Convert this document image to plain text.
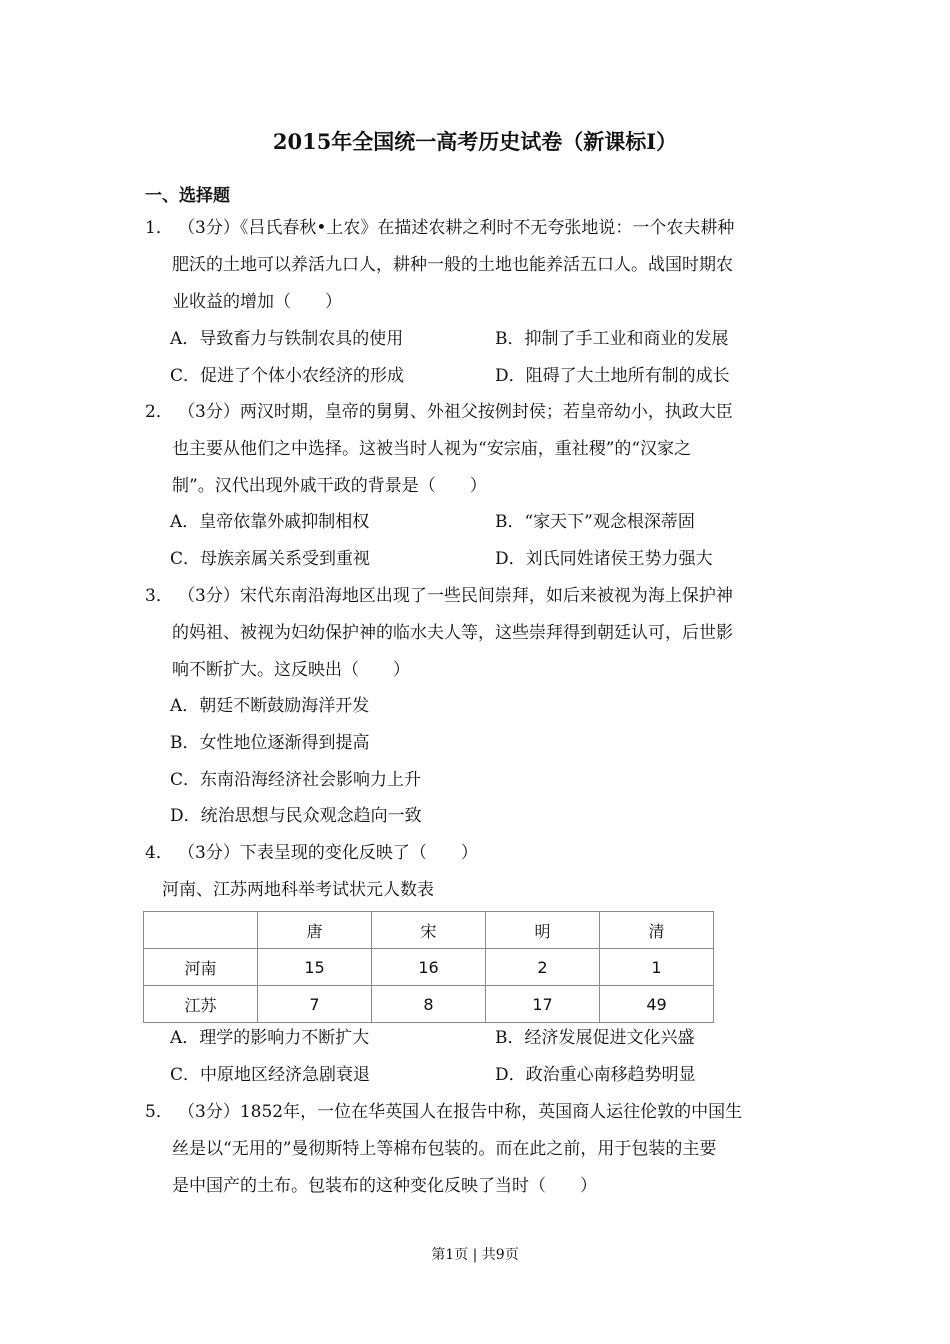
2015年全国统一高考历史试卷（新课标Ⅰ）
一、选择题
1． （3分）《吕氏春秋•上农》在描述农耕之利时不无夸张地说：一个农夫耕种
肥沃的土地可以养活九口人，耕种一般的土地也能养活五口人。战国时期农
业收益的增加（　　）
A．导致畜力与铁制农具的使用	B．抑制了手工业和商业的发展
C．促进了个体小农经济的形成	D．阻碍了大土地所有制的成长
2． （3分）两汉时期，皇帝的舅舅、外祖父按例封侯；若皇帝幼小，执政大臣
也主要从他们之中选择。这被当时人视为“安宗庙，重社稷”的“汉家之
制”。汉代出现外戚干政的背景是（　　）
A．皇帝依靠外戚抑制相权	B．“家天下”观念根深蒂固
C．母族亲属关系受到重视	D．刘氏同姓诸侯王势力强大
3． （3分）宋代东南沿海地区出现了一些民间崇拜，如后来被视为海上保护神
的妈祖、被视为妇幼保护神的临水夫人等，这些崇拜得到朝廷认可，后世影
响不断扩大。这反映出（　　）
A．朝廷不断鼓励海洋开发
B．女性地位逐渐得到提高
C．东南沿海经济社会影响力上升
D．统治思想与民众观念趋向一致
4． （3分）下表呈现的变化反映了（　　）
河南、江苏两地科举考试状元人数表
	唐	宋	明	清
河南	15	16	2	1
江苏	7	8	17	49
A．理学的影响力不断扩大	B．经济发展促进文化兴盛
C．中原地区经济急剧衰退	D．政治重心南移趋势明显
5． （3分）1852年，一位在华英国人在报告中称，英国商人运往伦敦的中国生
丝是以“无用的”曼彻斯特上等棉布包装的。而在此之前，用于包装的主要
是中国产的土布。包装布的这种变化反映了当时（　　）
第1页 | 共9页
